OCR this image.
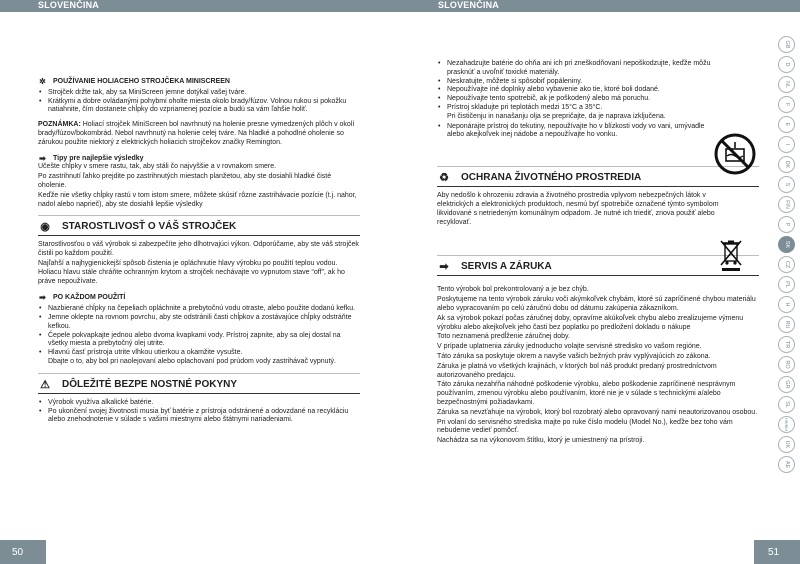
SLOVENČINA	SLOVENČINA
✲ POUŽÍVANIE HOLIACEHO STROJČEKA MINISCREEN
• Strojček držte tak, aby sa MiniScreen jemne dotýkal vašej tváre.
• Krátkymi a dobre ovládanými pohybmi oholte miesta okolo brady/fúzov. Volnou rukou si pokožku natiahnite, čím dostanete chĺpky do vzpriamenej pozície a budú sa vám ľahšie holiť.

POZNÁMKA: Holiací strojček MiniScreen bol navrhnutý na holenie presne vymedzených plôch v okolí brady/fúzov/bokombrád. Nebol navrhnutý na holenie celej tváre. Na hladké a pohodlné oholenie so zárukou použite niektorý z elektrických holiacich strojčekov značky Remington.

➡ Tipy pre najlepšie výsledky

Učešte chĺpky v smere rastu, tak, aby stáli čo najvyššie a v rovnakom smere.

Po zastrihnutí ľahko prejdite po zastrihnutých miestach planžetou, aby ste dosiahli hladké čisté oholenie.

Keďže nie všetky chĺpky rastú v tom istom smere, môžete skúsiť rôzne zastrihávacie pozície (t.j. nahor, nadol alebo naprieč), aby ste dosiahli lepšie výsledky

◉ STAROSTLIVOSŤ O VÁŠ STROJČEK

Starostlivosťou o váš výrobok si zabezpečíte jeho dlhotrvajúci výkon. Odporúčame, aby ste váš strojček čistili po každom použití.

Najľahší a najhygienickejší spôsob čistenia je opláchnutie hlavy výrobku po použití teplou vodou. Holiacu hlavu stále chráňte ochranným krytom a strojček nechávajte vo vypnutom stave “off”, ak ho práve nepoužívate.

➡ PO KAŽDOM POUŽITÍ
• Nazbierané chĺpky na čepeliach opláchnite a prebytočnú vodu otraste, alebo použite dodanú kefku.
• Jemne oklepte na rovnom povrchu, aby ste odstránili časti chĺpkov a zostávajúce chĺpky odstráňte kefkou.
• Čepele pokvapkajte jednou alebo dvoma kvapkami vody. Prístroj zapnite, aby sa olej dostal na všetky miesta a prebytočný olej utrite.
• Hlavnú časť prístroja utrite vlhkou utierkou a okamžite vysušte.

Dbajte o to, aby bol pri naolejovaní alebo oplachovaní pod prúdom vody zastrihávač vypnutý.

⚠ DÔLEŽITÉ BEZPE NOSTNÉ POKYNY
• Výrobok využíva alkalické batérie.
• Po ukončení svojej životnosti musia byť batérie z prístroja odstránené a odovzdané na recykláciu alebo znehodnotenie v súlade s vašimi miestnymi alebo štátnymi nariadeniami.
• Nezahadzujte batérie do ohňa ani ich pri zneškodňovaní nepoškodzujte, keďže môžu prasknúť a uvoľniť toxické materiály.
• Neskratujte, môžete si spôsobiť popáleniny.
• Nepoužívajte iné doplnky alebo vybavenie ako tie, ktoré boli dodané.
• Nepoužívajte tento spotrebič, ak je poškodený alebo má poruchu.
• Prístroj skladujte pri teplotách medzi 15°C a 35°C.

Pri čističenju in nanašanju olja se prepričajte, da je naprava izključena.

• Neponárajte prístroj do tekutiny, nepoužívajte ho v blízkosti vody vo vani, umývadle alebo akejkoľvek inej nádobe a nepoužívajte ho vonku.
♻ OCHRANA ŽIVOTNÉHO PROSTREDIA

Aby nedošlo k ohrozeniu zdravia a životného prostredia vplyvom nebezpečných látok v elektrických a elektronických produktoch, nesmú byť spotrebiče označené týmto symbolom likvidované s netriedeným komunálnym odpadom. Je nutné ich triediť, znova použiť alebo recyklovať.

➡ SERVIS A ZÁRUKA

Tento výrobok bol prekontrolovaný a je bez chýb.

Poskytujeme na tento výrobok záruku voči akýmkoľvek chybám, ktoré sú zapríčinené chybou materiálu alebo vypracovaním po celú záručnú dobu od dátumu zakúpenia zákazníkom.

Ak sa výrobok pokazí počas záručnej doby, opravíme akúkoľvek chybu alebo zrealizujeme výmenu výrobku alebo akejkoľvek jeho časti bez poplatku po predložení dokladu o nákupe

Toto neznamená predĺženie záručnej doby.

V prípade uplatnenia záruky jednoducho volajte servisné stredisko vo vašom regióne.

Táto záruka sa poskytuje okrem a navyše vašich bežných práv vyplývajúcich zo zákona.

Záruka je platná vo všetkých krajinách, v ktorých bol náš produkt predaný prostredníctvom autorizovaného predajcu.

Táto záruka nezahŕňa náhodné poškodenie výrobku, alebo poškodenie zapríčinené nesprávnym používaním, zmenou výrobku alebo používaním, ktoré nie je v súlade s technickými a/alebo bezpečnostnými požiadavkami.

Záruka sa nevzťahuje na výrobok, ktorý bol rozobratý alebo opravovaný nami neautorizovanou osobou.

Pri volaní do servisného strediska majte po ruke číslo modelu (Model No.), keďže bez toho vám nebudeme vedieť pomôcť.

Nachádza sa na výkonovom štítku, ktorý je umiestnený na prístroji.

GB
D
NL
F
E
I
DK
S
FIN
P
SK
CZ
PL
H
RU
TR
RO
GR
SL
HR/BIH
UK
AE
50	51
